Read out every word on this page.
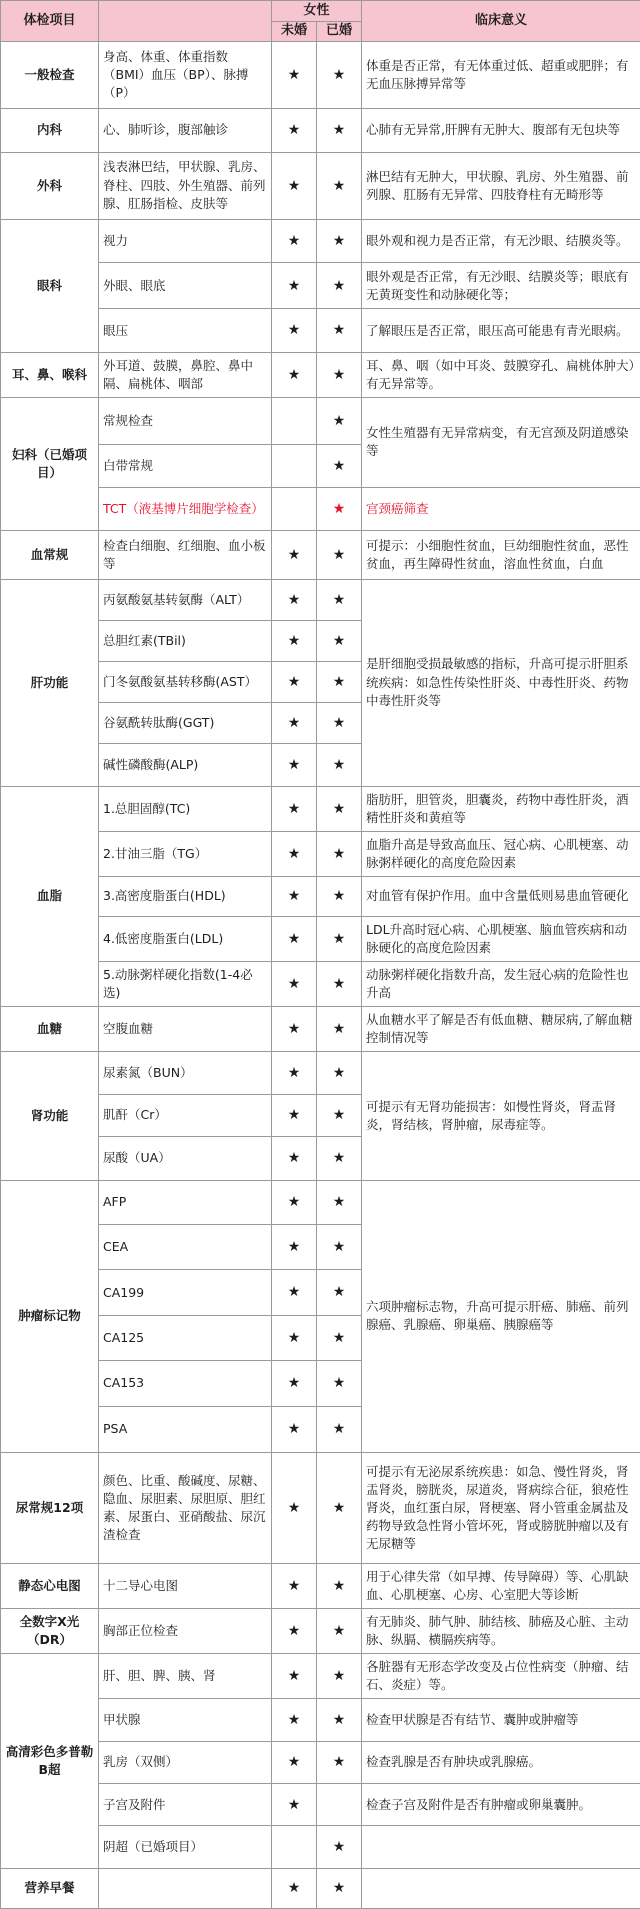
体检项目		女性		临床意义
		未婚	已婚	
一般检查	身高、体重、体重指数（BMI）血压（BP）、脉搏（P）	★	★	体重是否正常，有无体重过低、超重或肥胖；有无血压脉搏异常等
内科	心、肺听诊，腹部触诊	★	★	心肺有无异常,肝脾有无肿大、腹部有无包块等
外科	浅表淋巴结，甲状腺、乳房、脊柱、四肢、外生殖器、前列腺、肛肠指检、皮肤等	★	★	淋巴结有无肿大，甲状腺、乳房、外生殖器、前列腺、肛肠有无异常、四肢脊柱有无畸形等
眼科	视力	★	★	眼外观和视力是否正常，有无沙眼、结膜炎等。
	外眼、眼底	★	★	眼外观是否正常，有无沙眼、结膜炎等；眼底有无黄斑变性和动脉硬化等；
	眼压	★	★	了解眼压是否正常，眼压高可能患有青光眼病。
耳、鼻、喉科	外耳道、鼓膜，鼻腔、鼻中隔、扁桃体、咽部	★	★	耳、鼻、咽（如中耳炎、鼓膜穿孔、扁桃体肿大）有无异常等。
妇科（已婚项目）	常规检查		★	女性生殖器有无异常病变，有无宫颈及阴道感染等
	白带常规		★	
	TCT（液基博片细胞学检查）		★	宫颈癌筛查
血常规	检查白细胞、红细胞、血小板等	★	★	可提示：小细胞性贫血，巨幼细胞性贫血，恶性贫血，再生障碍性贫血，溶血性贫血，白血
肝功能	丙氨酸氨基转氨酶（ALT）	★	★	是肝细胞受损最敏感的指标，升高可提示肝胆系统疾病：如急性传染性肝炎、中毒性肝炎、药物中毒性肝炎等
	总胆红素(TBil)	★	★	
	门冬氨酸氨基转移酶(AST）	★	★	
	谷氨酰转肽酶(GGT)	★	★	
	碱性磷酸酶(ALP)	★	★	
血脂	1.总胆固醇(TC)	★	★	脂肪肝，胆管炎，胆囊炎，药物中毒性肝炎，酒精性肝炎和黄疸等
	2.甘油三脂（TG）	★	★	血脂升高是导致高血压、冠心病、心肌梗塞、动脉粥样硬化的高度危险因素
	3.高密度脂蛋白(HDL)	★	★	对血管有保护作用。血中含量低则易患血管硬化
	4.低密度脂蛋白(LDL)	★	★	LDL升高时冠心病、心肌梗塞、脑血管疾病和动脉硬化的高度危险因素
	5.动脉粥样硬化指数(1-4必选)	★	★	动脉粥样硬化指数升高，发生冠心病的危险性也升高
血糖	空腹血糖	★	★	从血糖水平了解是否有低血糖、糖尿病,了解血糖控制情况等
肾功能	尿素氮（BUN）	★	★	可提示有无肾功能损害：如慢性肾炎，肾盂肾炎，肾结核，肾肿瘤，尿毒症等。
	肌酐（Cr）	★	★	
	尿酸（UA）	★	★	
肿瘤标记物	AFP	★	★	六项肿瘤标志物，升高可提示肝癌、肺癌、前列腺癌、乳腺癌、卵巢癌、胰腺癌等
	CEA	★	★	
	CA199	★	★	
	CA125	★	★	
	CA153	★	★	
	PSA	★	★	
尿常规12项	颜色、比重、酸碱度、尿糖、隐血、尿胆素、尿胆原、胆红素、尿蛋白、亚硝酸盐、尿沉渣检查	★	★	可提示有无泌尿系统疾患：如急、慢性肾炎，肾盂肾炎，膀胱炎，尿道炎，肾病综合征，狼疮性肾炎，血红蛋白尿，肾梗塞、肾小管重金属盐及药物导致急性肾小管坏死，肾或膀胱肿瘤以及有无尿糖等
静态心电图	十二导心电图	★	★	用于心律失常（如早搏、传导障碍）等、心肌缺血、心肌梗塞、心房、心室肥大等诊断
全数字X光（DR）	胸部正位检查	★	★	有无肺炎、肺气肿、肺结核、肺癌及心脏、主动脉、纵膈、横膈疾病等。
高清彩色多普勒B超	肝、胆、脾、胰、肾	★	★	各脏器有无形态学改变及占位性病变（肿瘤、结石、炎症）等。
	甲状腺	★	★	检查甲状腺是否有结节、囊肿或肿瘤等
	乳房（双侧）	★	★	检查乳腺是否有肿块或乳腺癌。
	子宫及附件	★		检查子宫及附件是否有肿瘤或卵巢囊肿。
	阴超（已婚项目）		★	
营养早餐		★	★	
